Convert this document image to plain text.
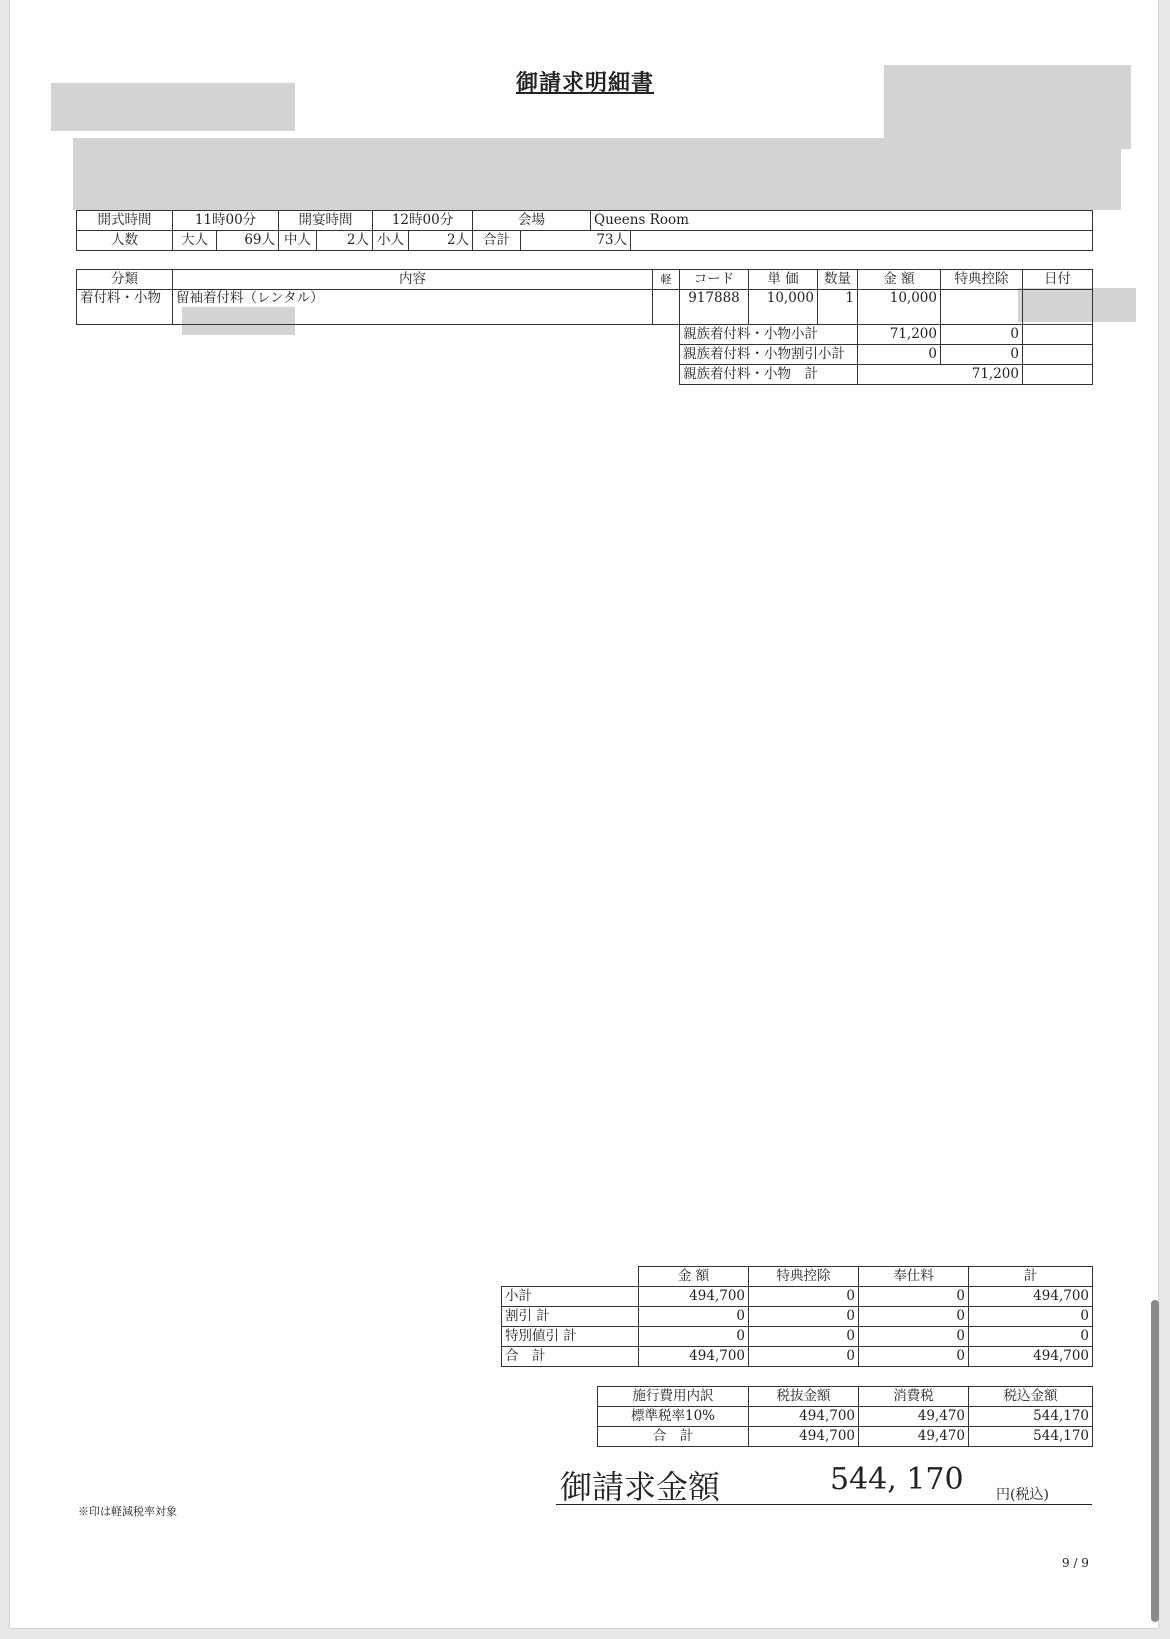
御請求明細書
開式時間	11時00分		開宴時間		12時00分		会場		Queens Room	
人数	大人	69人	中人	2人	小人	2人	合計	73人		
分類	内容	軽	コード	単 価	数量	金 額	特典控除	日付
着付料・小物	留袖着付料（レンタル）		917888	10,000	1	10,000		
			親族着付料・小物小計			71,200	0	
			親族着付料・小物割引小計			0	0	
			親族着付料・小物　計			71,200		
	金 額	特典控除	奉仕料	計
小計	494,700	0	0	494,700
割引 計	0	0	0	0
特別値引 計	0	0	0	0
合　計	494,700	0	0	494,700
施行費用内訳	税抜金額	消費税	税込金額
標準税率10%	494,700	49,470	544,170
合　計	494,700	49,470	544,170
御請求金額	544, 170 円(税込)
※印は軽減税率対象
9 / 9
